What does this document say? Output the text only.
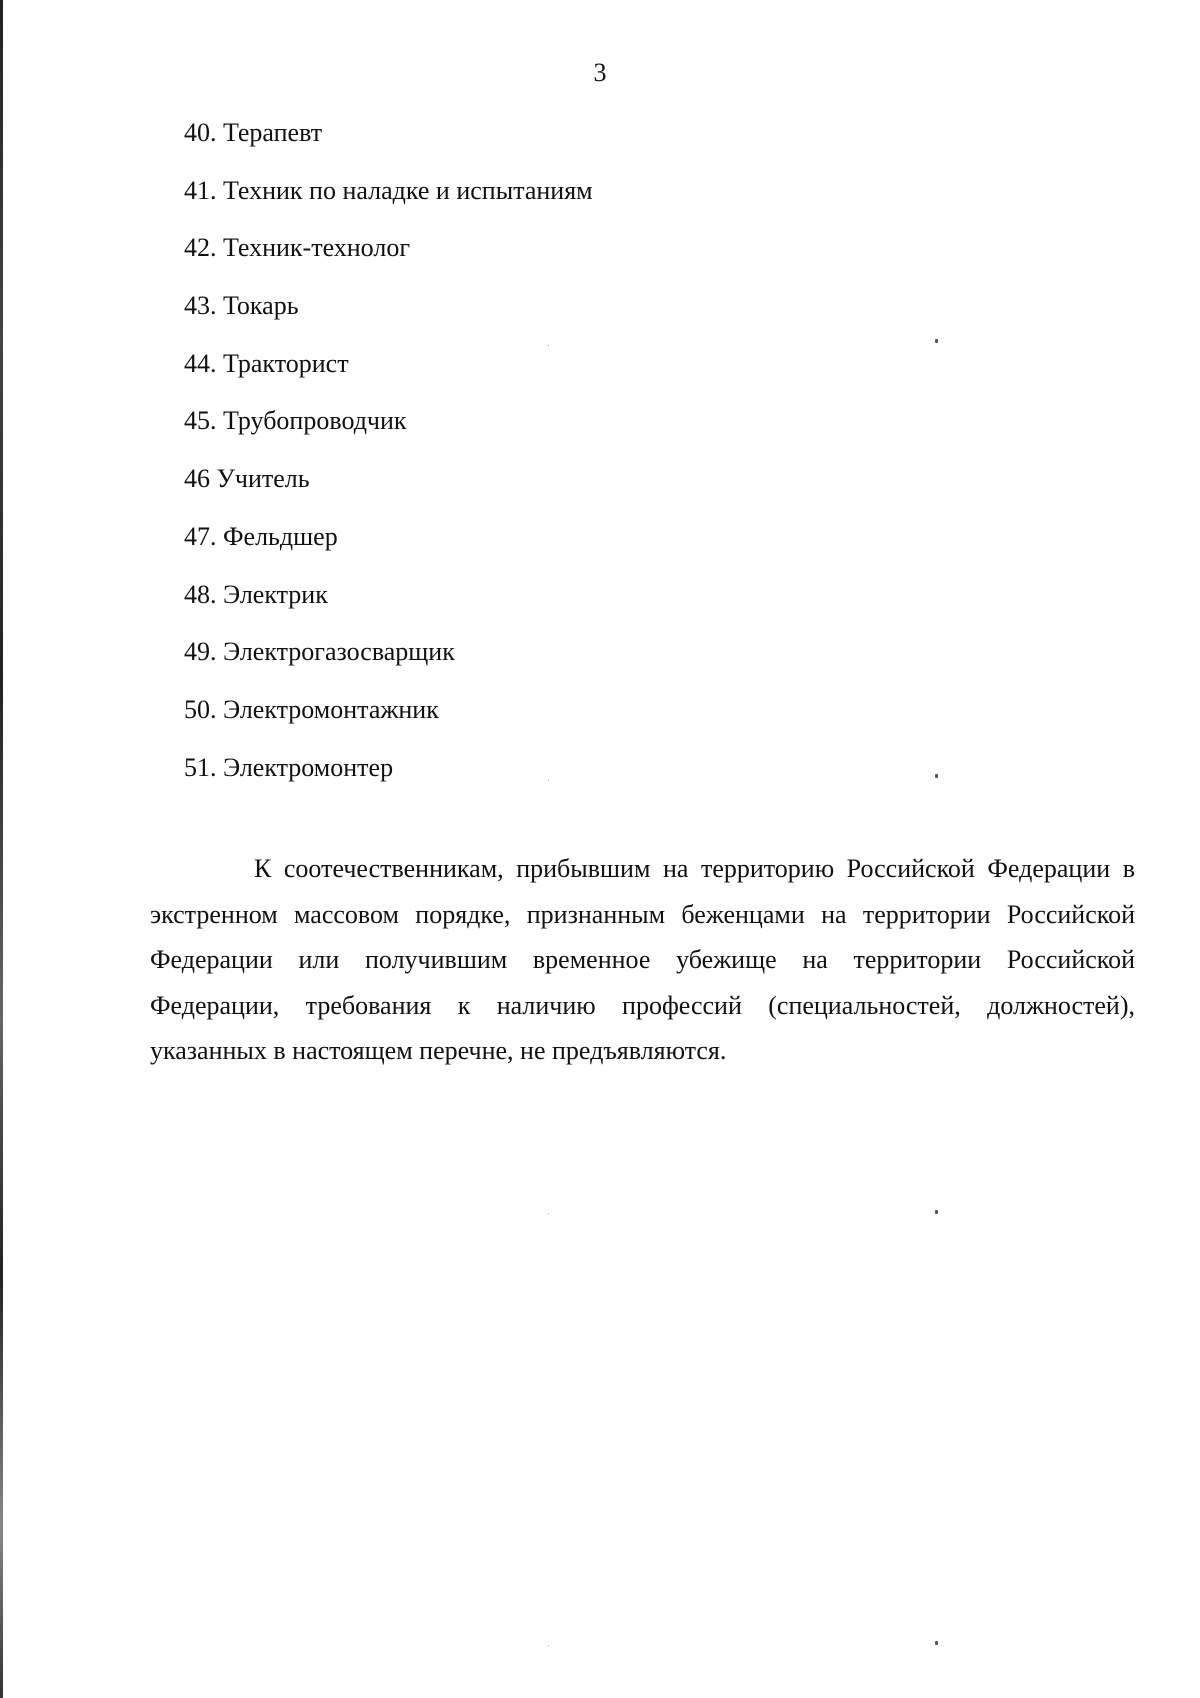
3
40. Терапевт
41. Техник по наладке и испытаниям
42. Техник-технолог
43. Токарь
44. Тракторист
45. Трубопроводчик
46 Учитель
47. Фельдшер
48. Электрик
49. Электрогазосварщик
50. Электромонтажник
51. Электромонтер

К соотечественникам, прибывшим на территорию Российской Федерации в экстренном массовом порядке, признанным беженцами на территории Российской Федерации или получившим временное убежище на территории Российской Федерации, требования к наличию профессий (специальностей, должностей), указанных в настоящем перечне, не предъявляются.
